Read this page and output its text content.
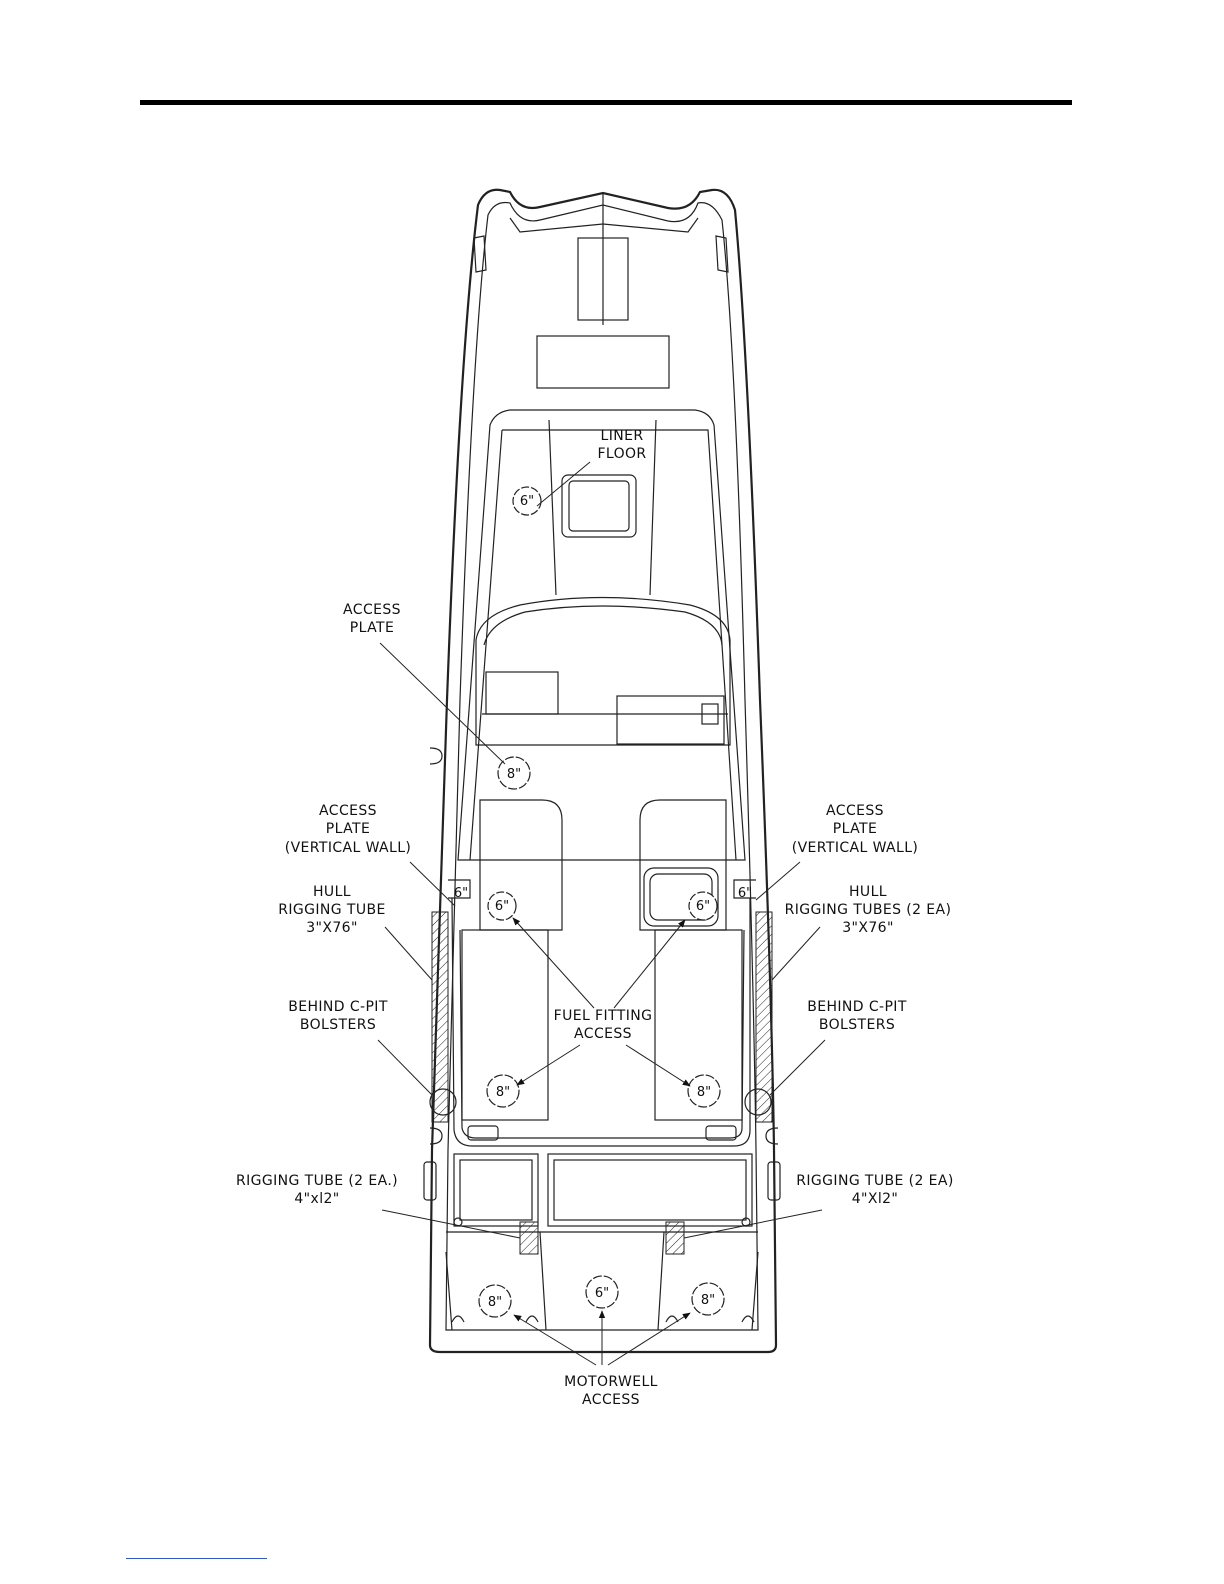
6"
8"
6"	6"
6"	6"
8"	8"
8"
6"	8"
LINER
FLOOR
ACCESS
PLATE
ACCESS
PLATE
(VERTICAL WALL)
ACCESS
PLATE
(VERTICAL WALL)
HULL
RIGGING TUBE
3"X76"
HULL
RIGGING TUBES (2 EA)
3"X76"
BEHIND C-PIT
BOLSTERS
BEHIND C-PIT
BOLSTERS
FUEL FITTING
ACCESS
RIGGING TUBE (2 EA.)
4"xl2"
RIGGING TUBE (2 EA)
4"Xl2"
MOTORWELL
ACCESS
